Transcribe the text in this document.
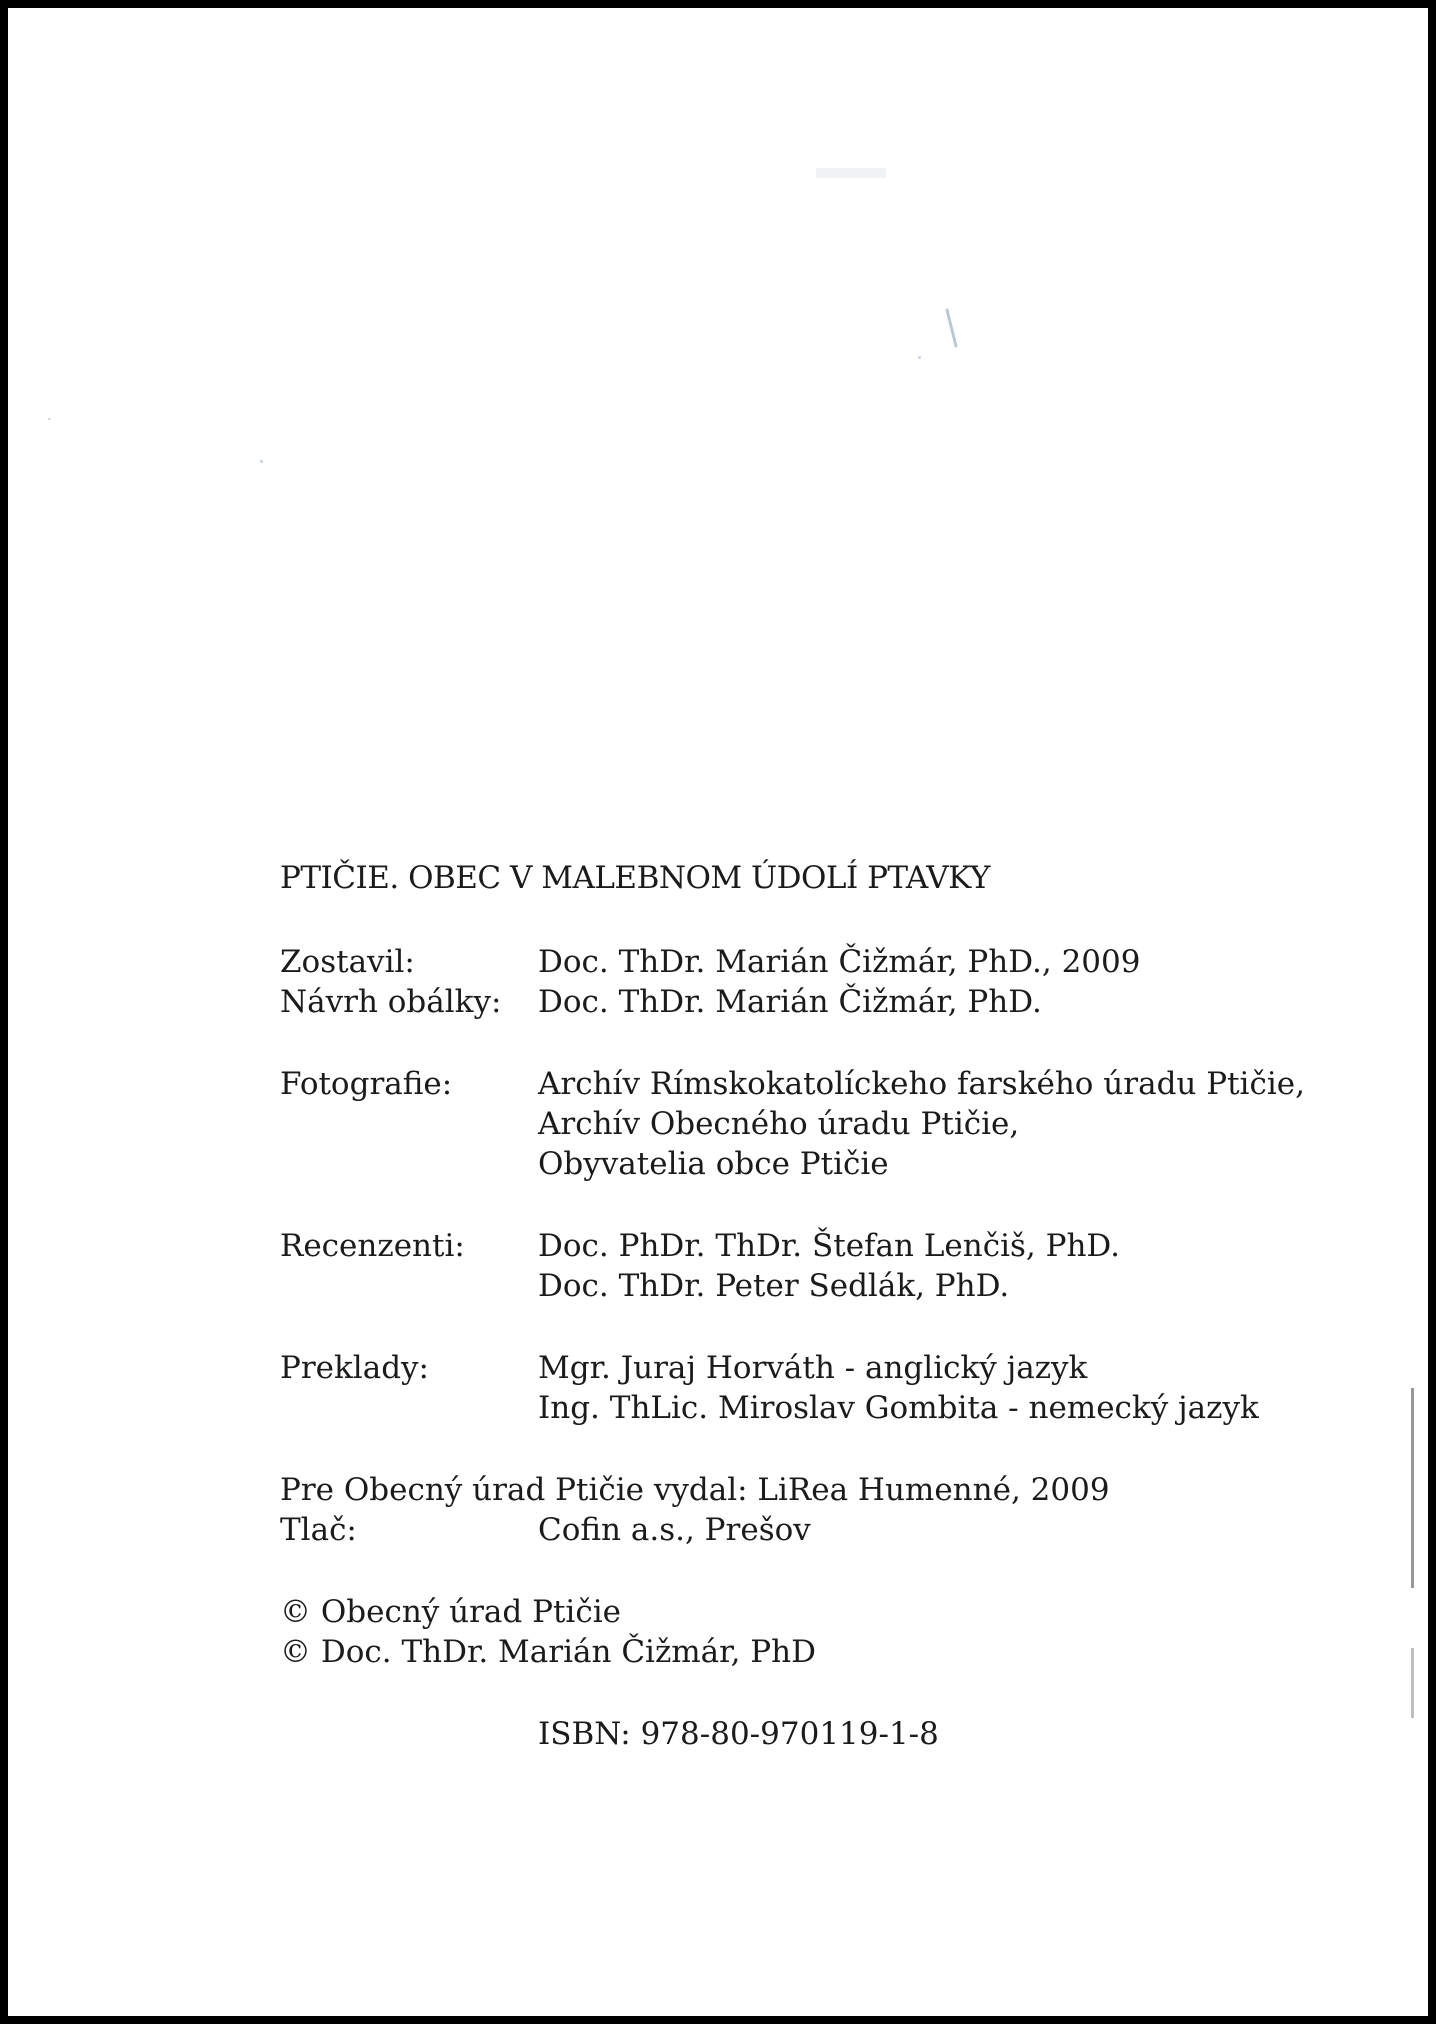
PTIČIE. OBEC V MALEBNOM ÚDOLÍ PTAVKY
Zostavil:	Doc. ThDr. Marián Čižmár, PhD., 2009
Návrh obálky:	Doc. ThDr. Marián Čižmár, PhD.
Fotografie:	Archív Rímskokatolíckeho farského úradu Ptičie,
Archív Obecného úradu Ptičie,
Obyvatelia obce Ptičie
Recenzenti:	Doc. PhDr. ThDr. Štefan Lenčiš, PhD.
Doc. ThDr. Peter Sedlák, PhD.
Preklady:	Mgr. Juraj Horváth - anglický jazyk
Ing. ThLic. Miroslav Gombita - nemecký jazyk
Pre Obecný úrad Ptičie vydal: LiRea Humenné, 2009
Tlač:	Cofin a.s., Prešov
© Obecný úrad Ptičie
© Doc. ThDr. Marián Čižmár, PhD
ISBN: 978-80-970119-1-8
